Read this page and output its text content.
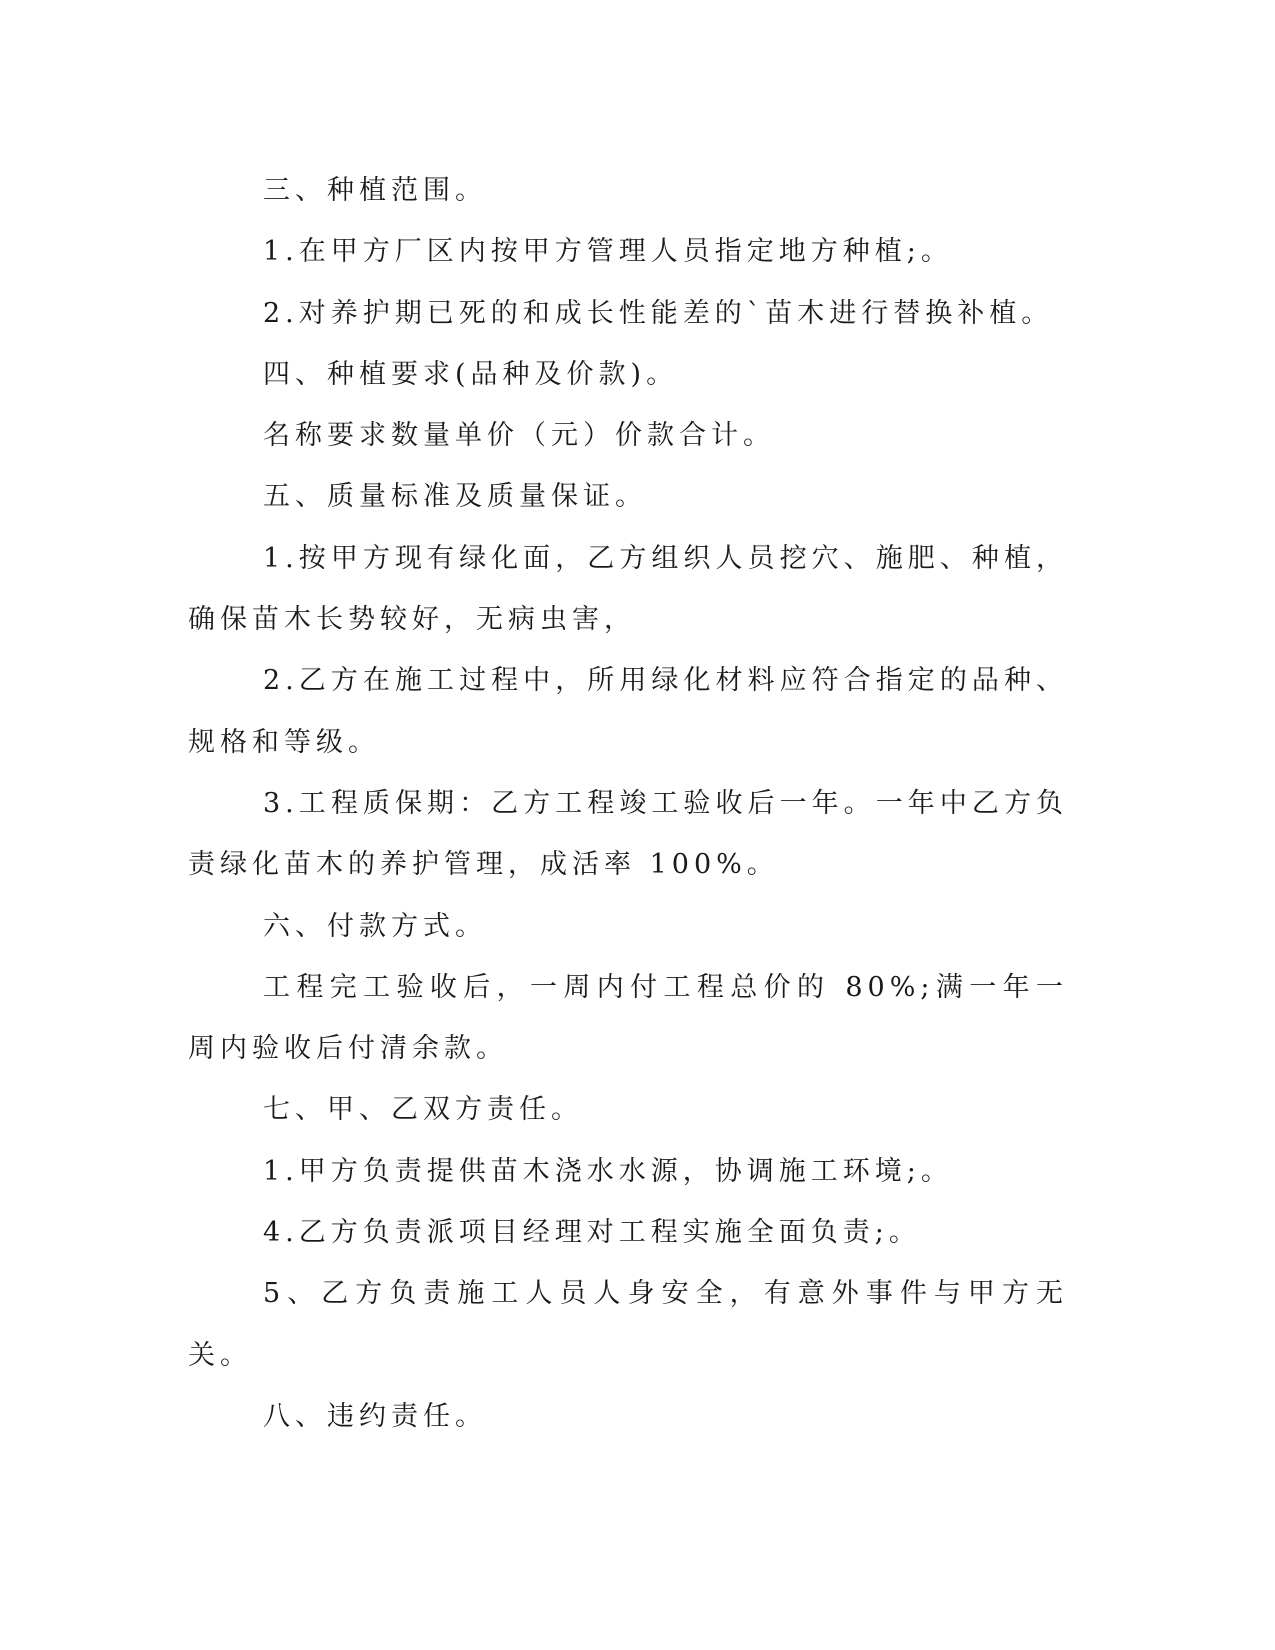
三、种植范围。

1.在甲方厂区内按甲方管理人员指定地方种植;。

2.对养护期已死的和成长性能差的`苗木进行替换补植。

四、种植要求(品种及价款)。

名称要求数量单价（元）价款合计。

五、质量标准及质量保证。

1.按甲方现有绿化面，乙方组织人员挖穴、施肥、种植，确保苗木长势较好，无病虫害，

2.乙方在施工过程中，所用绿化材料应符合指定的品种、规格和等级。

3.工程质保期：乙方工程竣工验收后一年。一年中乙方负责绿化苗木的养护管理，成活率 100%。

六、付款方式。

工程完工验收后，一周内付工程总价的 80%;满一年一周内验收后付清余款。

七、甲、乙双方责任。

1.甲方负责提供苗木浇水水源，协调施工环境;。

4.乙方负责派项目经理对工程实施全面负责;。

5、乙方负责施工人员人身安全，有意外事件与甲方无关。

八、违约责任。
